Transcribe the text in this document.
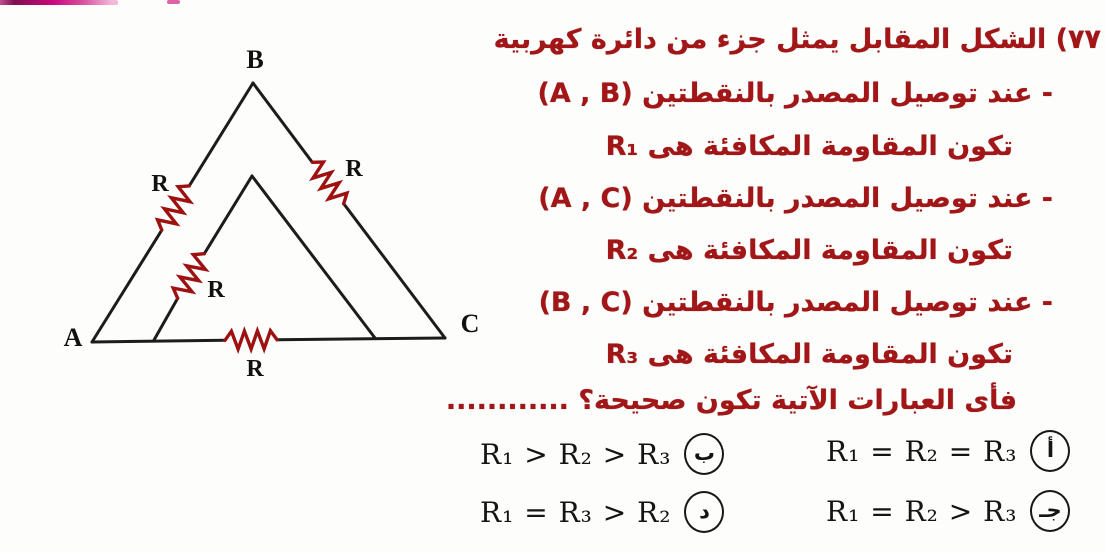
B
A	C
R
R
R
R
٧٧) الشكل المقابل يمثل جزء من دائرة كهربية
- عند توصيل المصدر بالنقطتين (A , B)
تكون المقاومة المكافئة هى R₁
- عند توصيل المصدر بالنقطتين (A , C)
تكون المقاومة المكافئة هى R₂
- عند توصيل المصدر بالنقطتين (B , C)
تكون المقاومة المكافئة هى R₃
فأى العبارات الآتية تكون صحيحة؟ ............
R₁ = R₂ = R₃	أ
R₁ > R₂ > R₃	ب
R₁ = R₂ > R₃	جـ
R₁ = R₃ > R₂	د
